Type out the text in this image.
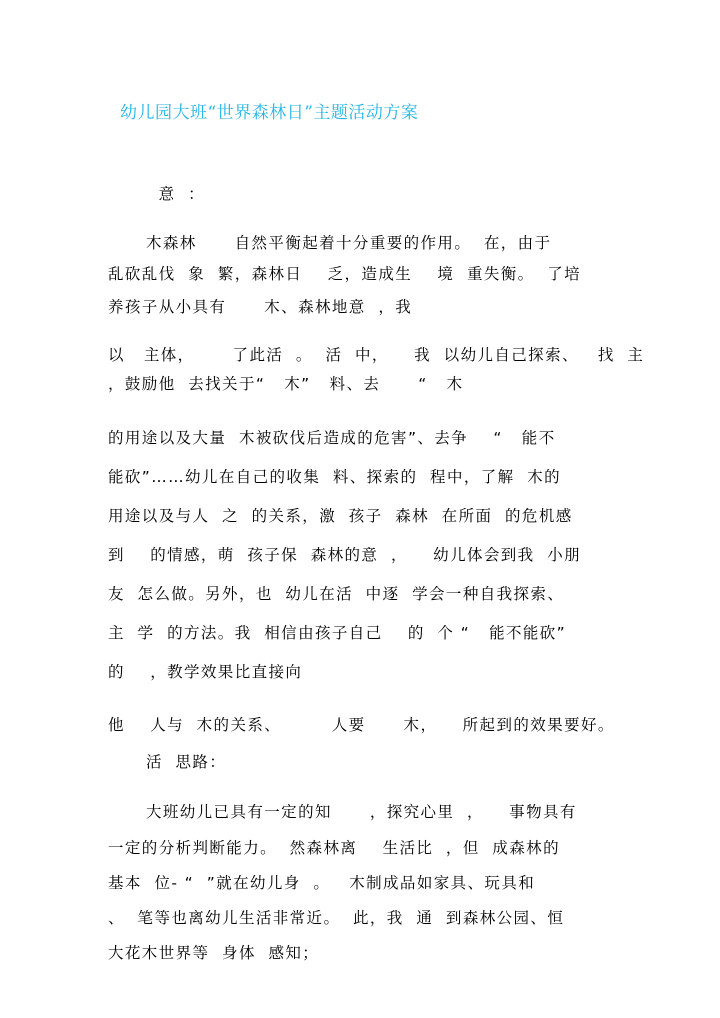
幼儿园大班“世界森林日”主题活动方案
意  ：
木森林      自然平衡起着十分重要的作用。  在，由于
乱砍乱伐  象  繁，森林日    乏，造成生    境  重失衡。  了培
养孩子从小具有      木、森林地意  ，我
以   主体，      了此活  。  活  中，    我  以幼儿自己探索、   找  主
，鼓励他  去找关于“   木”   料、去      “   木
的用途以及大量  木被砍伐后造成的危害”、去争    “   能不
能砍”……幼儿在自己的收集  料、探索的  程中，了解  木的
用途以及与人  之  的关系，激  孩子  森林  在所面  的危机感
到    的情感，萌  孩子保  森林的意  ，    幼儿体会到我  小朋
友  怎么做。另外，也  幼儿在活  中逐  学会一种自我探索、
主  学  的方法。我  相信由孩子自己    的  个 “   能不能砍”
的    ，教学效果比直接向
他    人与  木的关系、        人要      木，    所起到的效果要好。
活  思路：
大班幼儿已具有一定的知      ，探究心里  ，    事物具有
一定的分析判断能力。  然森林离    生活比  ，但  成森林的
基本  位- “  ”就在幼儿身  。   木制成品如家具、玩具和
、  笔等也离幼儿生活非常近。  此，我  通  到森林公园、恒
大花木世界等  身体  感知；
